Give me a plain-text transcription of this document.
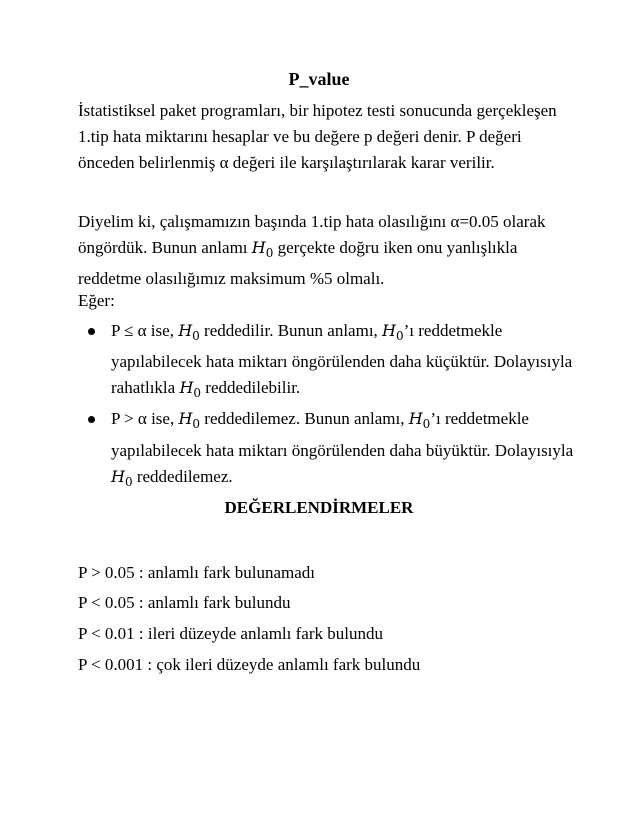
P_value

İstatistiksel paket programları, bir hipotez testi sonucunda gerçekleşen 1.tip hata miktarını hesaplar ve bu değere p değeri denir. P değeri önceden belirlenmiş α değeri ile karşılaştırılarak karar verilir.

Diyelim ki, çalışmamızın başında 1.tip hata olasılığını α=0.05 olarak öngördük. Bunun anlamı $H_0$ gerçekte doğru iken onu yanlışlıkla reddetme olasılığımız maksimum %5 olmalı.

Eğer:

P ≤ α ise, $H_0$ reddedilir. Bunun anlamı, $H_0’ı$ reddetmekle yapılabilecek hata miktarı öngörülenden daha küçüktür. Dolayısıyla rahatlıkla $H_0$ reddedilebilir.
P > α ise, $H_0$ reddedilemez. Bunun anlamı, $H_0’ı$ reddetmekle yapılabilecek hata miktarı öngörülenden daha büyüktür. Dolayısıyla $H_0$ reddedilemez.
DEĞERLENDİRMELER

P > 0.05 : anlamlı fark bulunamadı

P < 0.05 : anlamlı fark bulundu

P < 0.01 : ileri düzeyde anlamlı fark bulundu

P < 0.001 : çok ileri düzeyde anlamlı fark bulundu
